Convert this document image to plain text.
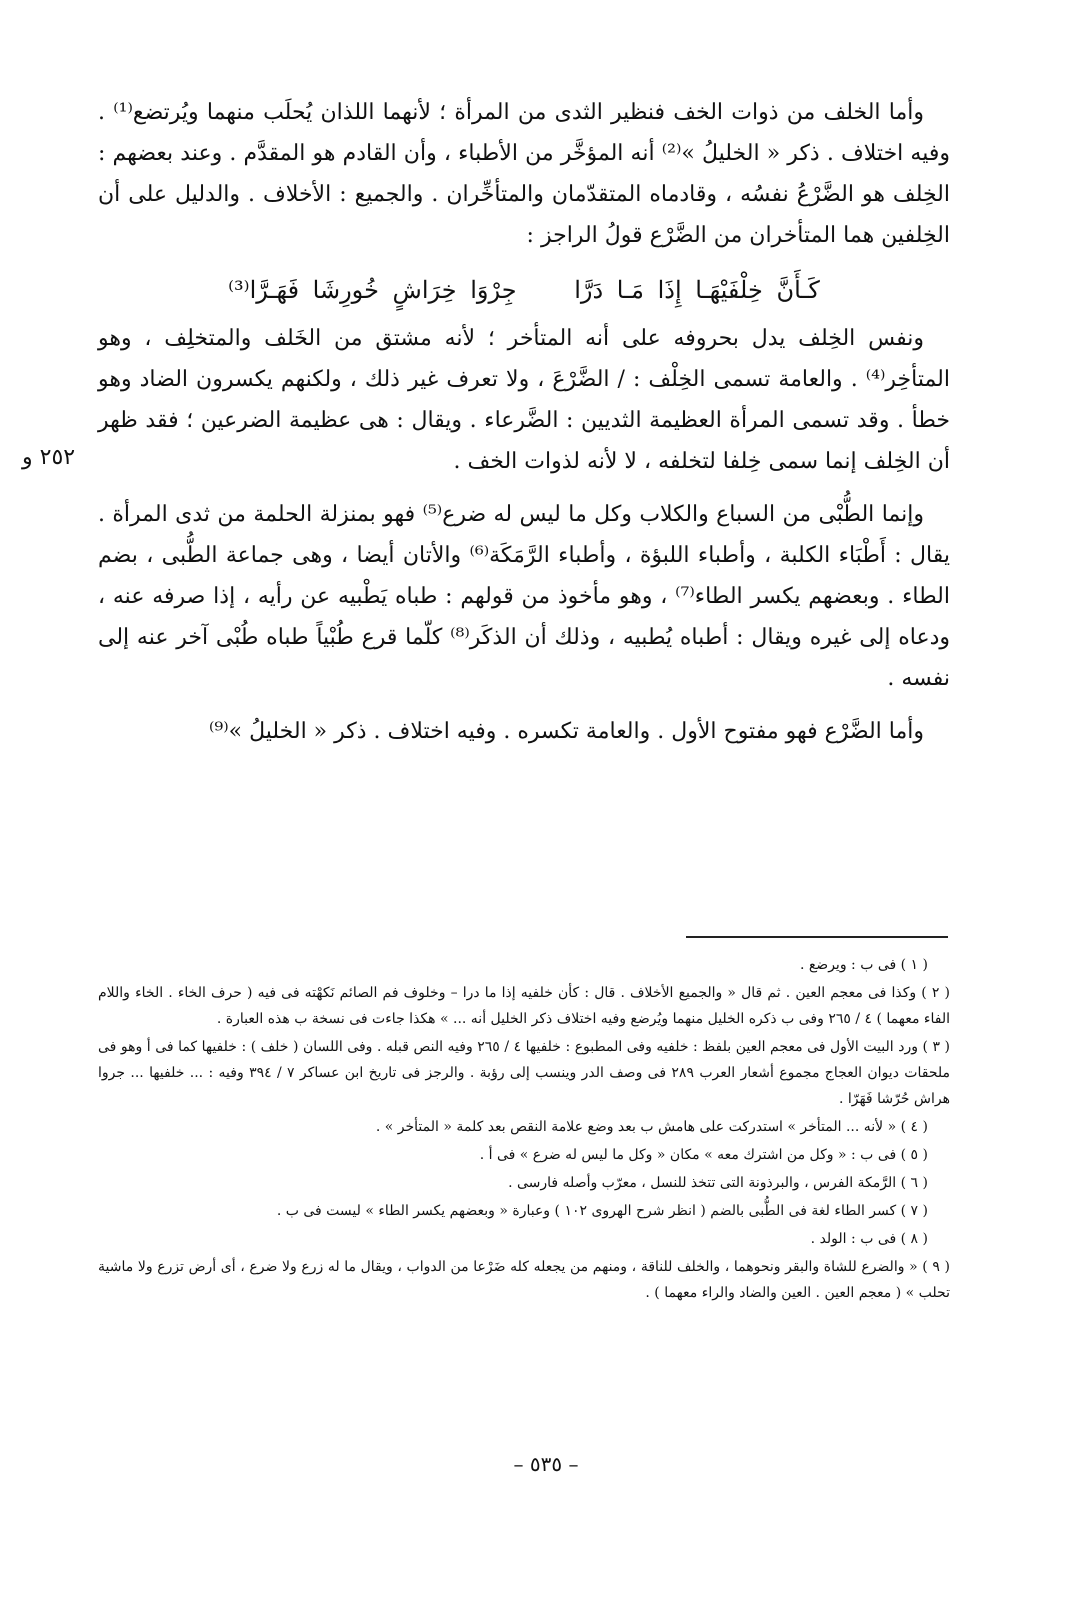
وأما الخلف من ذوات الخف فنظير الثدى من المرأة ؛ لأنهما اللذان يُحلَب منهما ويُرتضع⁽¹⁾ . وفيه اختلاف . ذكر « الخليلُ »⁽²⁾ أنه المؤخَّر من الأطباء ، وأن القادم هو المقدَّم . وعند بعضهم : الخِلف هو الضَّرْعُ نفسُه ، وقادماه المتقدّمان والمتأخِّران . والجميع : الأخلاف . والدليل على أن الخِلفين هما المتأخران من الضَّرْع قولُ الراجز :

كَـأَنَّ خِلْفَيْهَـا إِذَا مَـا دَرَّا جِرْوَا خِرَاشٍ خُورِشَا فَهَـرَّا⁽³⁾

ونفس الخِلف يدل بحروفه على أنه المتأخر ؛ لأنه مشتق من الخَلف والمتخلِف ، وهو المتأخِر⁽⁴⁾ . والعامة تسمى الخِلْف : / الضَّرْعَ ، ولا تعرف غير ذلك ، ولكنهم يكسرون الضاد وهو خطأ . وقد تسمى المرأة العظيمة الثديين : الضَّرعاء . ويقال : هى عظيمة الضرعين ؛ فقد ظهر أن الخِلف إنما سمى خِلفا لتخلفه ، لا لأنه لذوات الخف .

وإنما الطُّبْى من السباع والكلاب وكل ما ليس له ضرع⁽⁵⁾ فهو بمنزلة الحلمة من ثدى المرأة . يقال : أَطْبَاء الكلبة ، وأطباء اللبؤة ، وأطباء الرَّمَكَة⁽⁶⁾ والأتان أيضا ، وهى جماعة الطُّبى ، بضم الطاء . وبعضهم يكسر الطاء⁽⁷⁾ ، وهو مأخوذ من قولهم : طباه يَطْبيه عن رأيه ، إذا صرفه عنه ، ودعاه إلى غيره ويقال : أطباه يُطبيه ، وذلك أن الذكَر⁽⁸⁾ كلّما قرع طُبْياً طباه طُبْى آخر عنه إلى نفسه .

وأما الضَّرْع فهو مفتوح الأول . والعامة تكسره . وفيه اختلاف . ذكر « الخليلُ »⁽⁹⁾

٢٥٢ و

( ١ ) فى ب : ويرضع .

( ٢ ) وكذا فى معجم العين . ثم قال « والجميع الأخلاف . قال : كأن خلفيه إذا ما درا – وخلوف فم الصائم نَكهْته فى فيه ( حرف الخاء . الخاء واللام الفاء معهما ) ٤ / ٢٦٥ وفى ب ذكره الخليل منهما ويُرضع وفيه اختلاف ذكر الخليل أنه ... » هكذا جاءت فى نسخة ب هذه العبارة .

( ٣ ) ورد البيت الأول فى معجم العين بلفظ : خلفيه وفى المطبوع : خلفيها ٤ / ٢٦٥ وفيه النص قبله . وفى اللسان ( خلف ) : خلفيها كما فى أ وهو فى ملحقات ديوان العجاج مجموع أشعار العرب ٢٨٩ فى وصف الدر وينسب إلى رؤبة . والرجز فى تاريخ ابن عساكر ٧ / ٣٩٤ وفيه : ... خلفيها ... جروا هراش حُرّشا فَهَرّا .

( ٤ ) « لأنه ... المتأخر » استدركت على هامش ب بعد وضع علامة النقص بعد كلمة « المتأخر » .

( ٥ ) فى ب : « وكل من اشترك معه » مكان « وكل ما ليس له ضرع » فى أ .

( ٦ ) الرَّمكة الفرس ، والبرذونة التى تتخذ للنسل ، معرّب وأصله فارسى .

( ٧ ) كسر الطاء لغة فى الطُّبى بالضم ( انظر شرح الهروى ١٠٢ ) وعبارة « وبعضهم يكسر الطاء » ليست فى ب .

( ٨ ) فى ب : الولد .

( ٩ ) « والضرع للشاة والبقر ونحوهما ، والخلف للناقة ، ومنهم من يجعله كله ضَرْعا من الدواب ، ويقال ما له زرع ولا ضرع ، أى أرض تزرع ولا ماشية تحلب » ( معجم العين . العين والضاد والراء معهما ) .

– ٥٣٥ –
